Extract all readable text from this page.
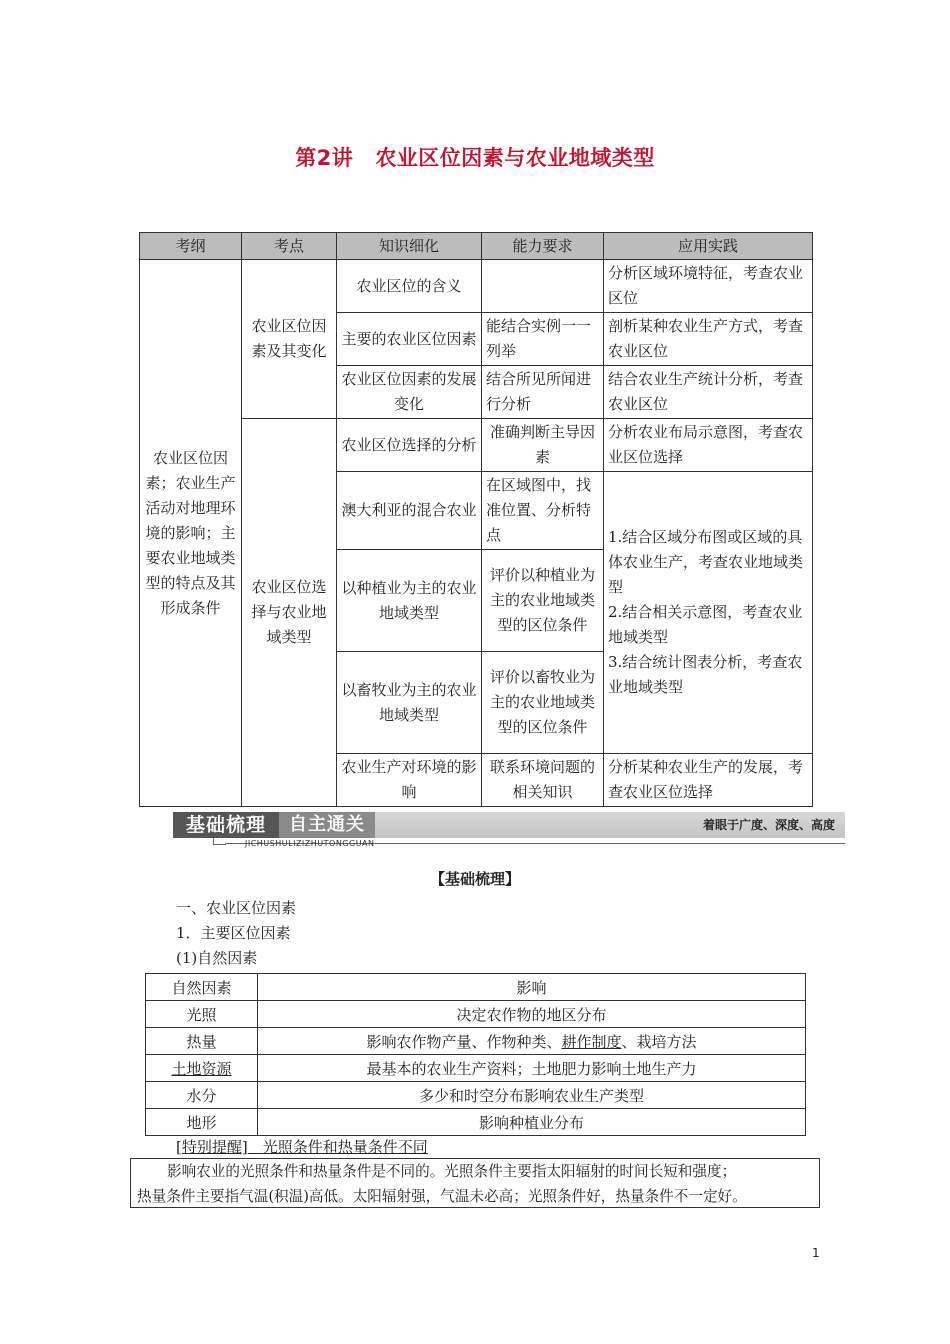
第2讲 农业区位因素与农业地域类型
考纲	考点	知识细化	能力要求	应用实践
农业区位因素；农业生产活动对地理环境的影响；主要农业地域类型的特点及其形成条件	农业区位因素及其变化	农业区位的含义		分析区域环境特征，考查农业区位
		主要的农业区位因素	能结合实例一一列举	剖析某种农业生产方式，考查农业区位
		农业区位因素的发展变化	结合所见所闻进行分析	结合农业生产统计分析，考查农业区位
	农业区位选择与农业地域类型	农业区位选择的分析	准确判断主导因素	分析农业布局示意图，考查农业区位选择
		澳大利亚的混合农业	在区域图中，找准位置、分析特点	1.结合区域分布图或区域的具体农业生产，考查农业地域类型
2.结合相关示意图，考查农业地域类型
3.结合统计图表分析，考查农业地域类型

		以种植业为主的农业地域类型	评价以种植业为主的农业地域类型的区位条件	
		以畜牧业为主的农业地域类型	评价以畜牧业为主的农业地域类型的区位条件	
		农业生产对环境的影响	联系环境问题的相关知识	分析某种农业生产的发展，考查农业区位选择
基础梳理	自主通关	着眼于广度、深度、高度
JICHUSHULIZIZHUTONGGUAN
【基础梳理】
一、农业区位因素
1．主要区位因素
(1)自然因素
自然因素	影响
光照	决定农作物的地区分布
热量	影响农作物产量、作物种类、耕作制度、栽培方法
土地资源	最基本的农业生产资料；土地肥力影响土地生产力
水分	多少和时空分布影响农业生产类型
地形	影响种植业分布
[特别提醒]　 光照条件和热量条件不同
影响农业的光照条件和热量条件是不同的。光照条件主要指太阳辐射的时间长短和强度；
热量条件主要指气温(积温)高低。太阳辐射强，气温未必高；光照条件好，热量条件不一定好。
1
